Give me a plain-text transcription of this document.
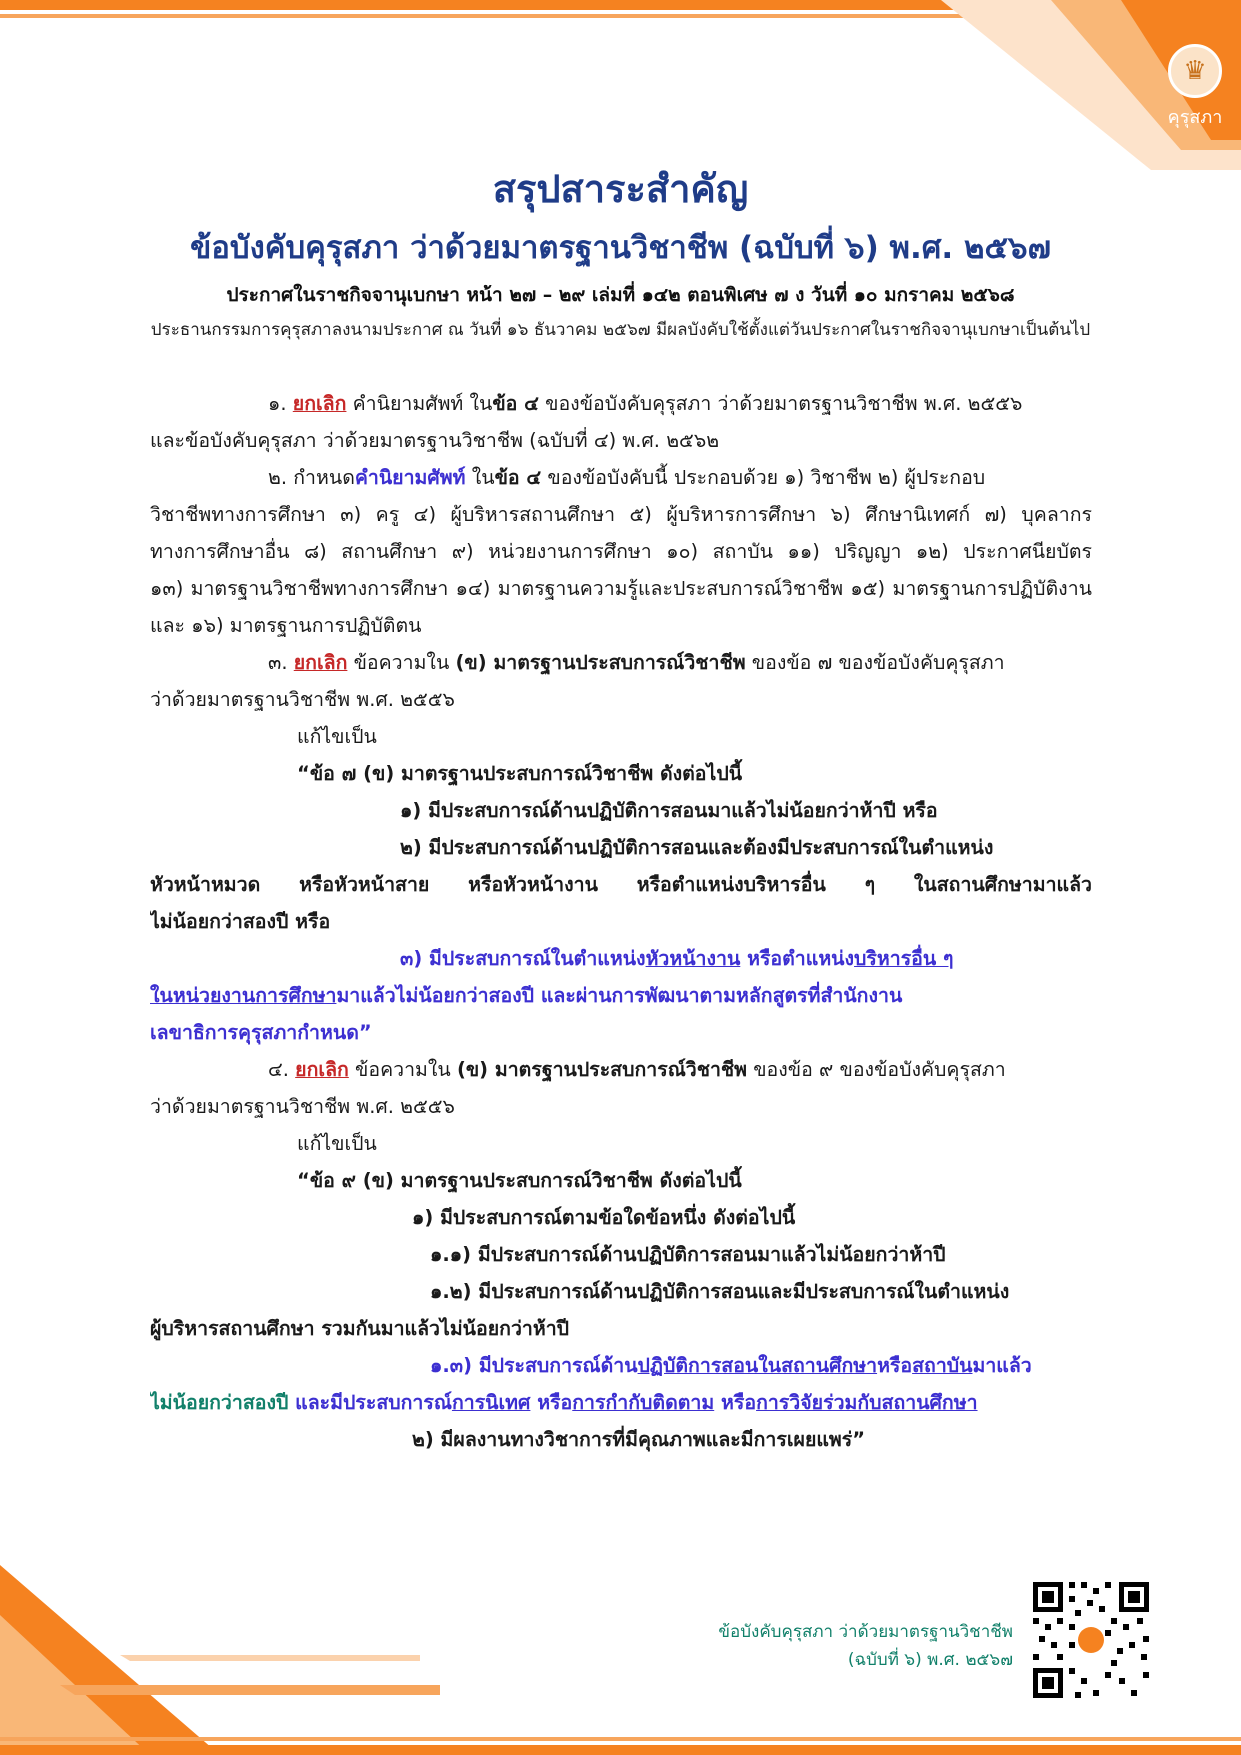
♛
คุรุสภา
สรุปสาระสำคัญ
ข้อบังคับคุรุสภา ว่าด้วยมาตรฐานวิชาชีพ (ฉบับที่ ๖) พ.ศ. ๒๕๖๗
ประกาศในราชกิจจานุเบกษา หน้า ๒๗ – ๒๙ เล่มที่ ๑๔๒ ตอนพิเศษ ๗ ง วันที่ ๑๐ มกราคม ๒๕๖๘
ประธานกรรมการคุรุสภาลงนามประกาศ ณ วันที่ ๑๖ ธันวาคม ๒๕๖๗ มีผลบังคับใช้ตั้งแต่วันประกาศในราชกิจจานุเบกษาเป็นต้นไป
๑. ยกเลิก คำนิยามศัพท์ ในข้อ ๔ ของข้อบังคับคุรุสภา ว่าด้วยมาตรฐานวิชาชีพ พ.ศ. ๒๕๕๖
และข้อบังคับคุรุสภา ว่าด้วยมาตรฐานวิชาชีพ (ฉบับที่ ๔) พ.ศ. ๒๕๖๒
๒. กำหนดคำนิยามศัพท์ ในข้อ ๔ ของข้อบังคับนี้ ประกอบด้วย ๑) วิชาชีพ ๒) ผู้ประกอบ
วิชาชีพทางการศึกษา ๓) ครู ๔) ผู้บริหารสถานศึกษา ๕) ผู้บริหารการศึกษา ๖) ศึกษานิเทศก์ ๗) บุคลากร
ทางการศึกษาอื่น ๘) สถานศึกษา ๙) หน่วยงานการศึกษา ๑๐) สถาบัน ๑๑) ปริญญา ๑๒) ประกาศนียบัตร
๑๓) มาตรฐานวิชาชีพทางการศึกษา ๑๔) มาตรฐานความรู้และประสบการณ์วิชาชีพ ๑๕) มาตรฐานการปฏิบัติงาน
และ ๑๖) มาตรฐานการปฏิบัติตน
๓. ยกเลิก ข้อความใน (ข) มาตรฐานประสบการณ์วิชาชีพ ของข้อ ๗ ของข้อบังคับคุรุสภา
ว่าด้วยมาตรฐานวิชาชีพ พ.ศ. ๒๕๕๖
แก้ไขเป็น
“ข้อ ๗ (ข) มาตรฐานประสบการณ์วิชาชีพ ดังต่อไปนี้
๑) มีประสบการณ์ด้านปฏิบัติการสอนมาแล้วไม่น้อยกว่าห้าปี หรือ
๒) มีประสบการณ์ด้านปฏิบัติการสอนและต้องมีประสบการณ์ในตำแหน่ง
หัวหน้าหมวด หรือหัวหน้าสาย หรือหัวหน้างาน หรือตำแหน่งบริหารอื่น ๆ ในสถานศึกษามาแล้ว
ไม่น้อยกว่าสองปี หรือ
๓) มีประสบการณ์ในตำแหน่งหัวหน้างาน หรือตำแหน่งบริหารอื่น ๆ
ในหน่วยงานการศึกษามาแล้วไม่น้อยกว่าสองปี และผ่านการพัฒนาตามหลักสูตรที่สำนักงาน
เลขาธิการคุรุสภากำหนด”
๔. ยกเลิก ข้อความใน (ข) มาตรฐานประสบการณ์วิชาชีพ ของข้อ ๙ ของข้อบังคับคุรุสภา
ว่าด้วยมาตรฐานวิชาชีพ พ.ศ. ๒๕๕๖
แก้ไขเป็น
“ข้อ ๙ (ข) มาตรฐานประสบการณ์วิชาชีพ ดังต่อไปนี้
๑) มีประสบการณ์ตามข้อใดข้อหนึ่ง ดังต่อไปนี้
๑.๑) มีประสบการณ์ด้านปฏิบัติการสอนมาแล้วไม่น้อยกว่าห้าปี
๑.๒) มีประสบการณ์ด้านปฏิบัติการสอนและมีประสบการณ์ในตำแหน่ง
ผู้บริหารสถานศึกษา รวมกันมาแล้วไม่น้อยกว่าห้าปี
๑.๓) มีประสบการณ์ด้านปฏิบัติการสอนในสถานศึกษาหรือสถาบันมาแล้ว
ไม่น้อยกว่าสองปี และมีประสบการณ์การนิเทศ หรือการกำกับติดตาม หรือการวิจัยร่วมกับสถานศึกษา
๒) มีผลงานทางวิชาการที่มีคุณภาพและมีการเผยแพร่”
ข้อบังคับคุรุสภา ว่าด้วยมาตรฐานวิชาชีพ
(ฉบับที่ ๖) พ.ศ. ๒๕๖๗
